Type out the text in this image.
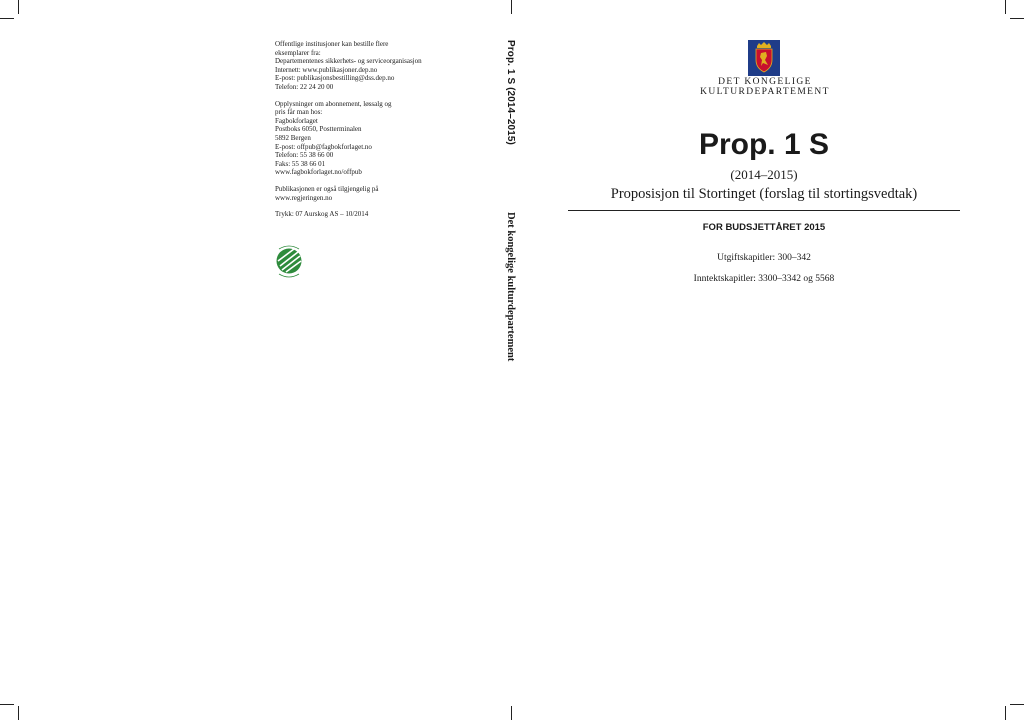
Offentlige institusjoner kan bestille flere

eksemplarer fra:

Departementenes sikkerhets- og serviceorganisasjon

Internett: www.publikasjoner.dep.no

E-post: publikasjonsbestilling@dss.dep.no

Telefon: 22 24 20 00

Opplysninger om abonnement, løssalg og

pris får man hos:

Fagbokforlaget

Postboks 6050, Postterminalen

5892 Bergen

E-post: offpub@fagbokforlaget.no

Telefon: 55 38 66 00

Faks: 55 38 66 01

www.fagbokforlaget.no/offpub

Publikasjonen er også tilgjengelig på

www.regjeringen.no

Trykk: 07 Aurskog AS – 10/2014

Prop. 1 S (2014–2015)
Det kongelige kulturdepartement
DET KONGELIGE
KULTURDEPARTEMENT
Prop. 1 S
(2014–2015)
Proposisjon til Stortinget (forslag til stortingsvedtak)
FOR BUDSJETTÅRET 2015
Utgiftskapitler: 300–342
Inntektskapitler: 3300–3342 og 5568
